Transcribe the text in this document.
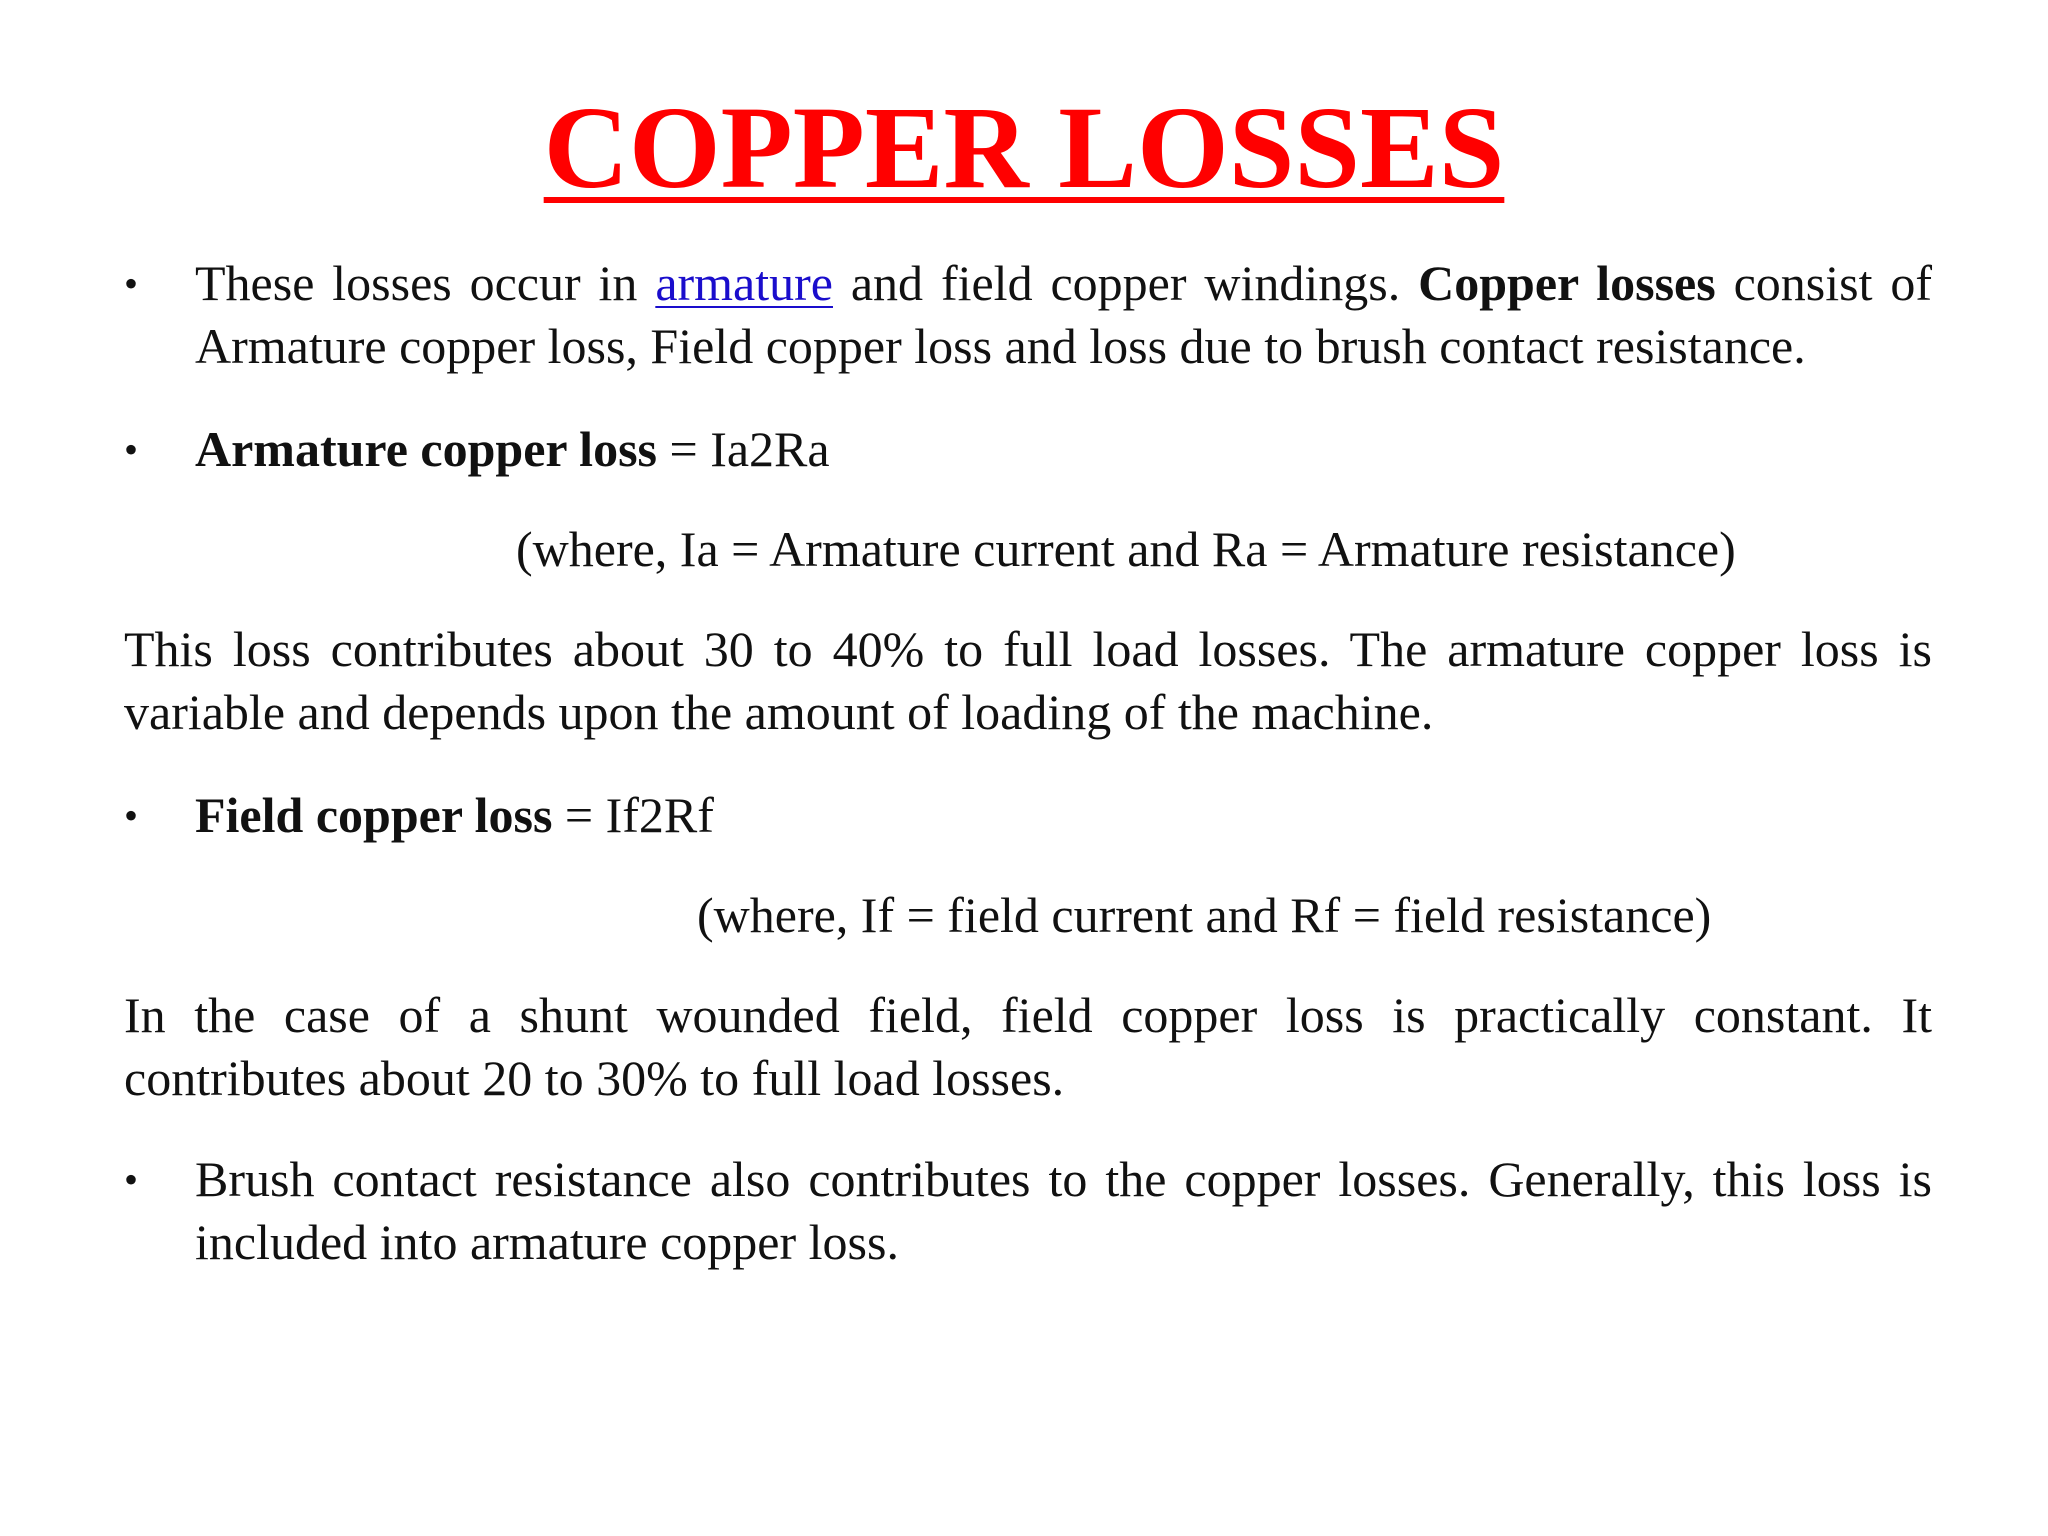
COPPER LOSSES
• These losses occur in armature and field copper windings. Copper losses consist of Armature copper loss, Field copper loss and loss due to brush contact resistance.
• Armature copper loss = Ia2Ra
(where, Ia = Armature current and Ra = Armature resistance)
This loss contributes about 30 to 40% to full load losses. The armature copper loss is variable and depends upon the amount of loading of the machine.
• Field copper loss = If2Rf
(where, If = field current and Rf = field resistance)
In the case of a shunt wounded field, field copper loss is practically constant. It contributes about 20 to 30% to full load losses.
• Brush contact resistance also contributes to the copper losses. Generally, this loss is included into armature copper loss.
